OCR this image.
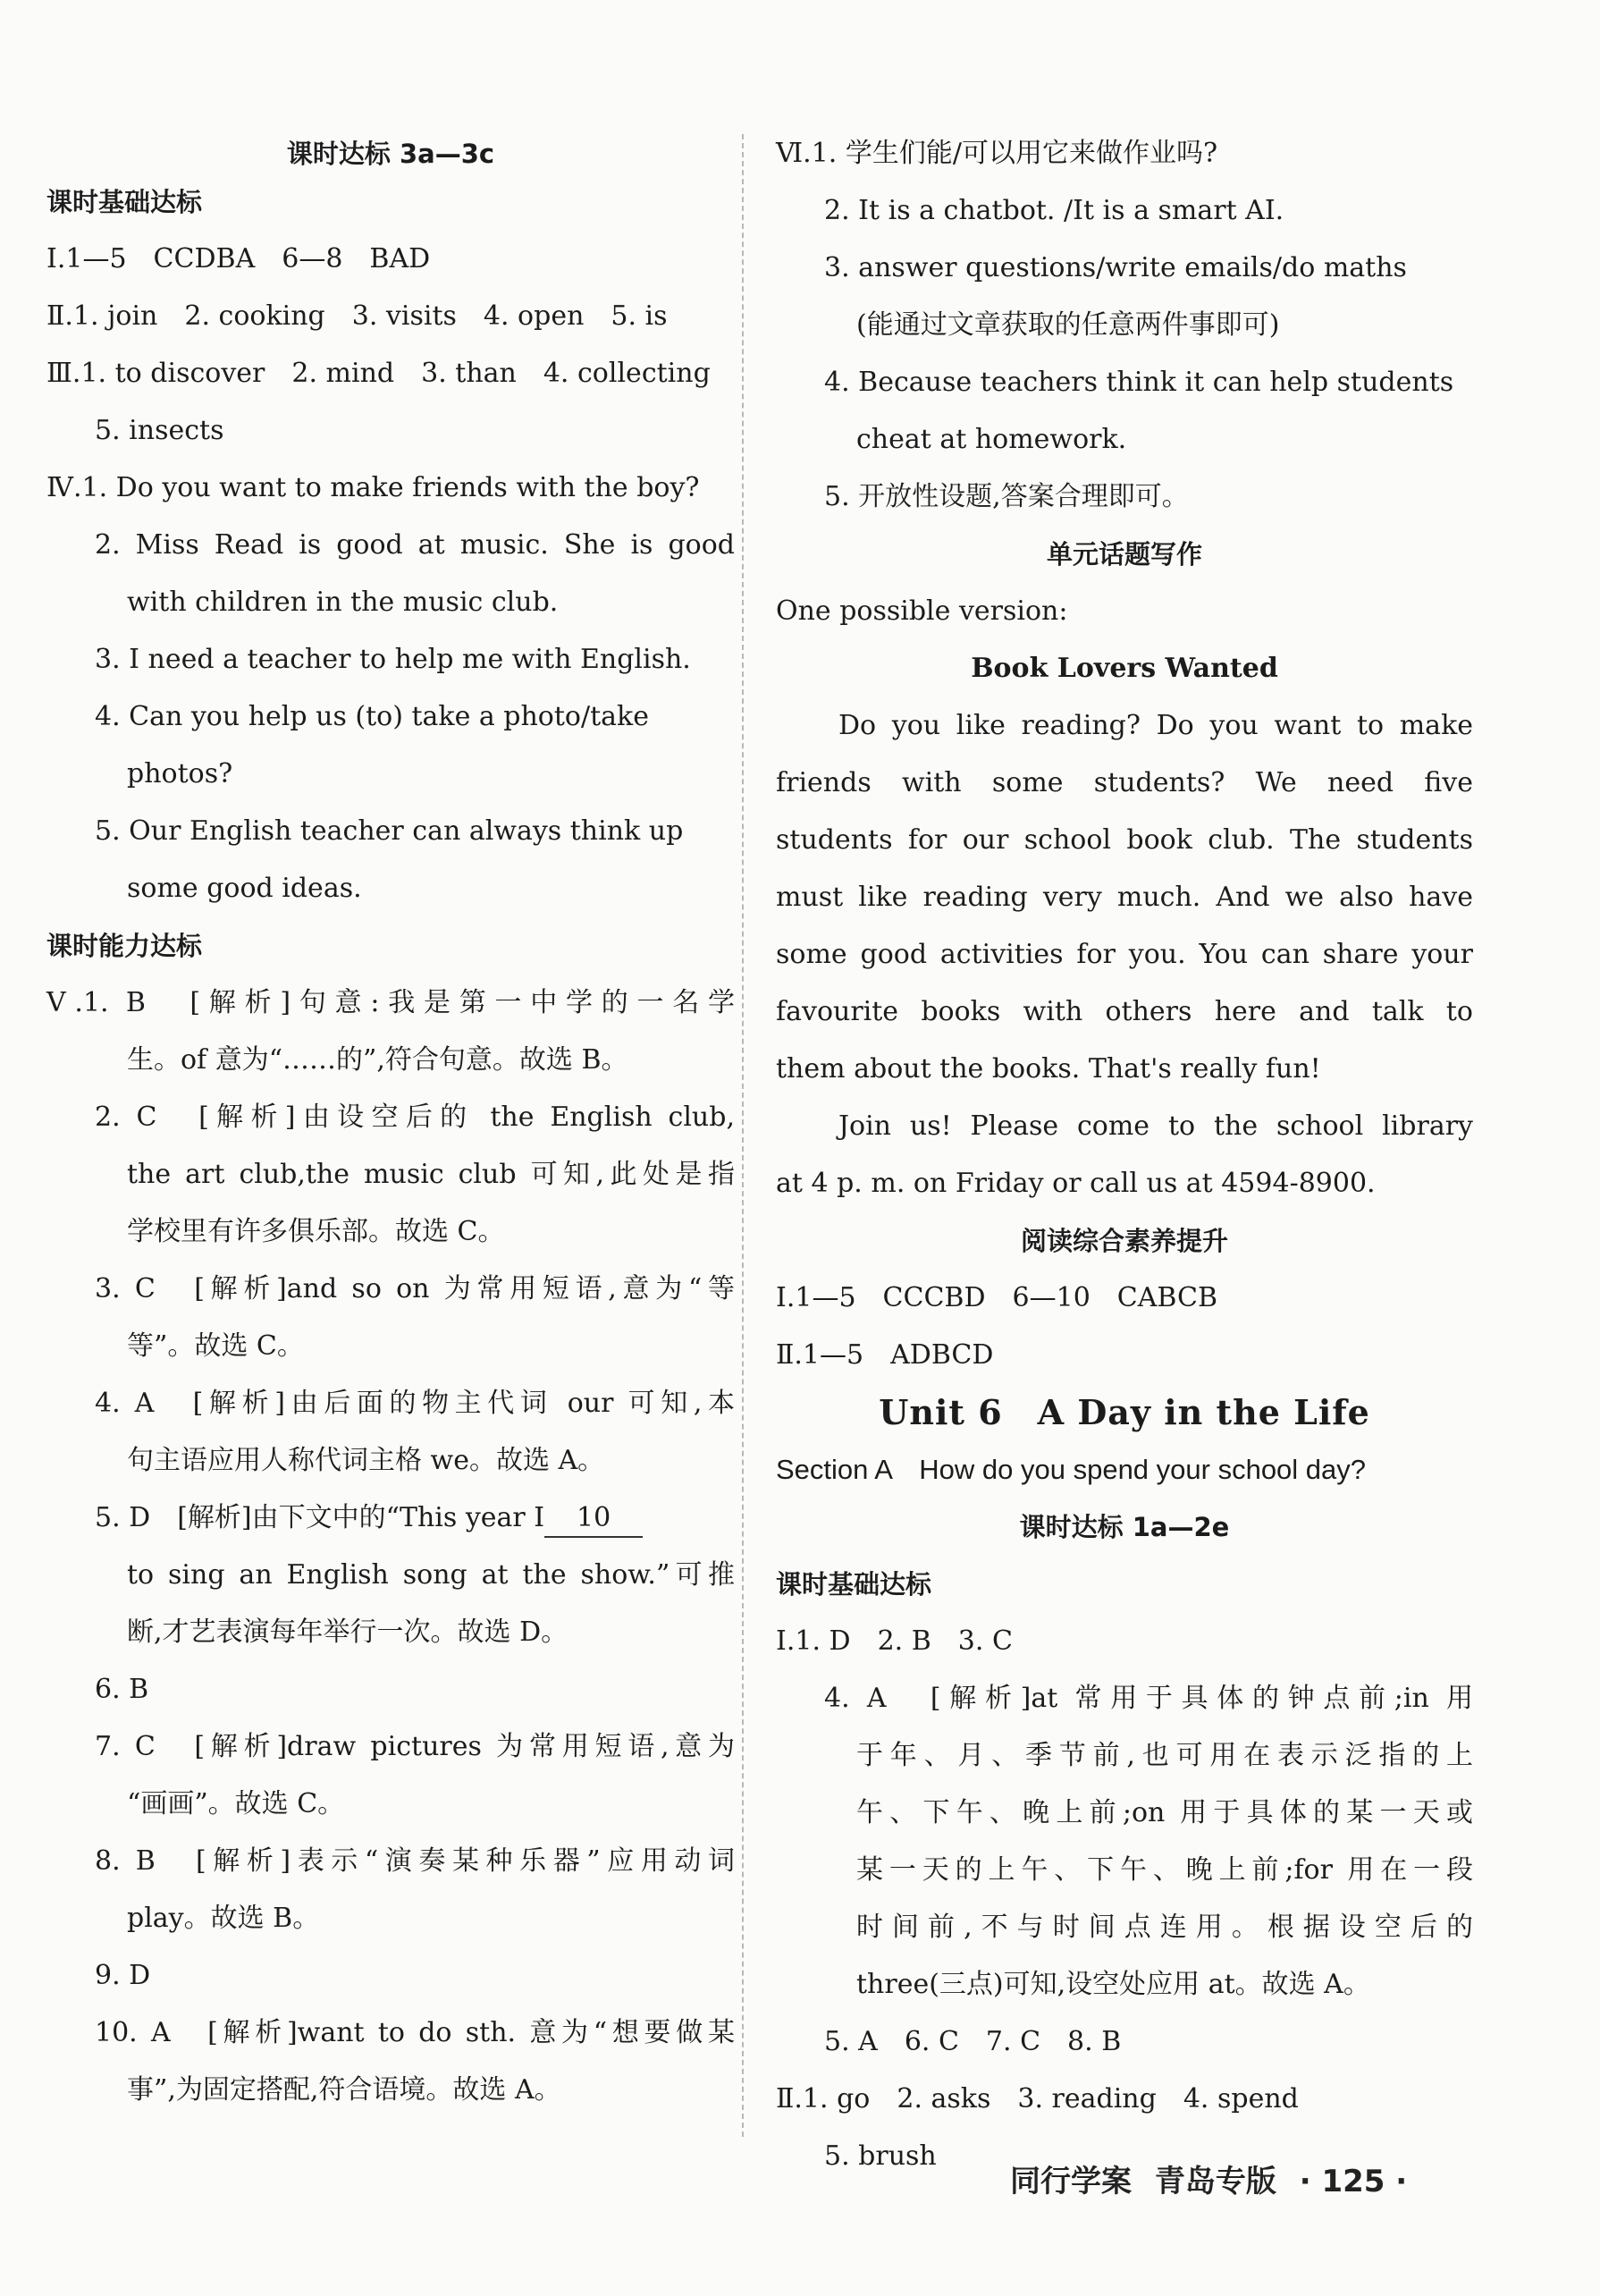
课时达标 3a—3c
课时基础达标
Ⅰ.1—5　CCDBA　6—8　BAD
Ⅱ.1. join　2. cooking　3. visits　4. open　5. is
Ⅲ.1. to discover　2. mind　3. than　4. collecting
5. insects
Ⅳ.1. Do you want to make friends with the boy?
2. Miss Read is good at music. She is good
with children in the music club.
3. I need a teacher to help me with English.
4. Can you help us (to) take a photo/take
photos?
5. Our English teacher can always think up
some good ideas.
课时能力达标
Ⅴ.1. B　[解析]句意:我是第一中学的一名学
生。of 意为“……的”,符合句意。故选 B。
2. C　[解析]由设空后的 the English club,
the art club,the music club 可知,此处是指
学校里有许多俱乐部。故选 C。
3. C　[解析]and so on 为常用短语,意为“等
等”。故选 C。
4. A　[解析]由后面的物主代词 our 可知,本
句主语应用人称代词主格 we。故选 A。
5. D　[解析]由下文中的“This year I 10
to sing an English song at the show.”可推
断,才艺表演每年举行一次。故选 D。
6. B
7. C　[解析]draw pictures 为常用短语,意为
“画画”。故选 C。
8. B　[解析]表示“演奏某种乐器”应用动词
play。故选 B。
9. D
10. A　[解析]want to do sth. 意为“想要做某
事”,为固定搭配,符合语境。故选 A。
Ⅵ.1. 学生们能/可以用它来做作业吗?
2. It is a chatbot. /It is a smart AI.
3. answer questions/write emails/do maths
(能通过文章获取的任意两件事即可)
4. Because teachers think it can help students
cheat at homework.
5. 开放性设题,答案合理即可。
单元话题写作
One possible version:
Book Lovers Wanted
Do you like reading? Do you want to make
friends　with　some　students?　We　need　five
students for our school book club. The students
must like reading very much. And we also have
some good activities for you. You can share your
favourite books with others here and talk to
them about the books. That's really fun!
Join us! Please come to the school library
at 4 p. m. on Friday or call us at 4594-8900.
阅读综合素养提升
Ⅰ.1—5　CCCBD　6—10　CABCB
Ⅱ.1—5　ADBCD
Unit 6　A Day in the Life
Section A　How do you spend your school day?
课时达标 1a—2e
课时基础达标
Ⅰ.1. D　2. B　3. C
4. A　[解析]at 常用于具体的钟点前;in 用
于年、月、季节前,也可用在表示泛指的上
午、下午、晚上前;on 用于具体的某一天或
某一天的上午、下午、晚上前;for 用在一段
时间前,不与时间点连用。根据设空后的
three(三点)可知,设空处应用 at。故选 A。
5. A　6. C　7. C　8. B
Ⅱ.1. go　2. asks　3. reading　4. spend
5. brush
同行学案 青岛专版 · 125 ·
